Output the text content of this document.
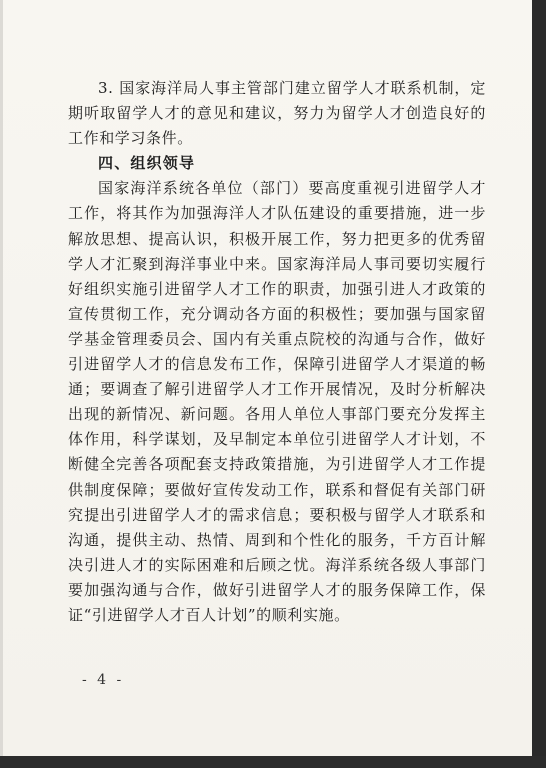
3. 国家海洋局人事主管部门建立留学人才联系机制，定期听取留学人才的意见和建议，努力为留学人才创造良好的工作和学习条件。

四、组织领导

国家海洋系统各单位（部门）要高度重视引进留学人才工作，将其作为加强海洋人才队伍建设的重要措施，进一步解放思想、提高认识，积极开展工作，努力把更多的优秀留学人才汇聚到海洋事业中来。国家海洋局人事司要切实履行好组织实施引进留学人才工作的职责，加强引进人才政策的宣传贯彻工作，充分调动各方面的积极性；要加强与国家留学基金管理委员会、国内有关重点院校的沟通与合作，做好引进留学人才的信息发布工作，保障引进留学人才渠道的畅通；要调查了解引进留学人才工作开展情况，及时分析解决出现的新情况、新问题。各用人单位人事部门要充分发挥主体作用，科学谋划，及早制定本单位引进留学人才计划，不断健全完善各项配套支持政策措施，为引进留学人才工作提供制度保障；要做好宣传发动工作，联系和督促有关部门研究提出引进留学人才的需求信息；要积极与留学人才联系和沟通，提供主动、热情、周到和个性化的服务，千方百计解决引进人才的实际困难和后顾之忧。海洋系统各级人事部门要加强沟通与合作，做好引进留学人才的服务保障工作，保证“引进留学人才百人计划”的顺利实施。

- 4 -
